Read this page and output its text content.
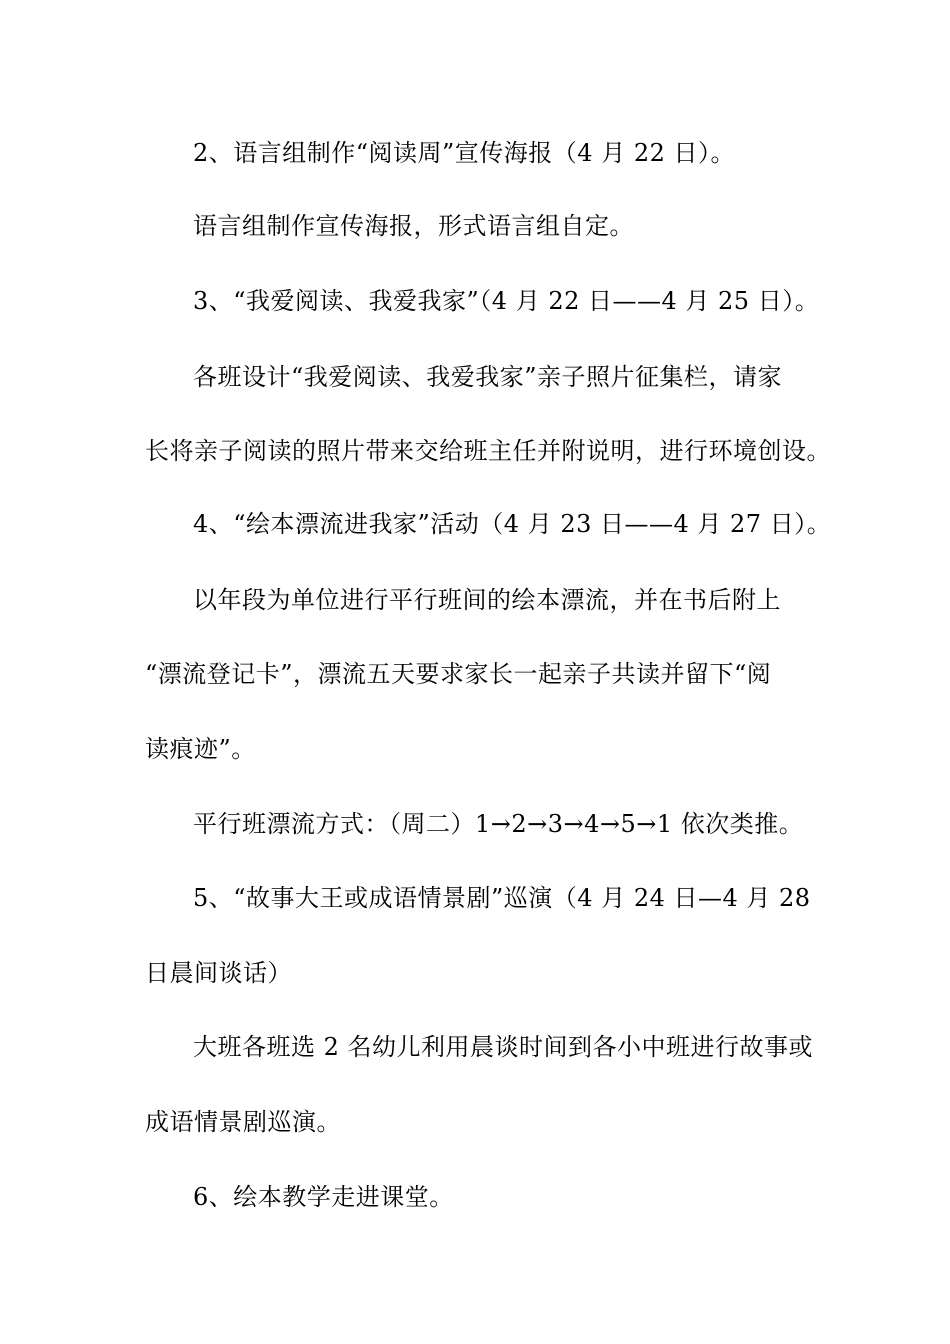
2、语言组制作“阅读周”宣传海报（4 月 22 日）。
语言组制作宣传海报，形式语言组自定。
3、“我爱阅读、我爱我家”（4 月 22 日——4 月 25 日）。
各班设计“我爱阅读、我爱我家”亲子照片征集栏，请家
长将亲子阅读的照片带来交给班主任并附说明，进行环境创设。
4、“绘本漂流进我家”活动（4 月 23 日——4 月 27 日）。
以年段为单位进行平行班间的绘本漂流，并在书后附上
“漂流登记卡”，漂流五天要求家长一起亲子共读并留下“阅
读痕迹”。
平行班漂流方式：（周二）1→2→3→4→5→1 依次类推。
5、“故事大王或成语情景剧”巡演（4 月 24 日—4 月 28
日晨间谈话）
大班各班选 2 名幼儿利用晨谈时间到各小中班进行故事或
成语情景剧巡演。
6、绘本教学走进课堂。
